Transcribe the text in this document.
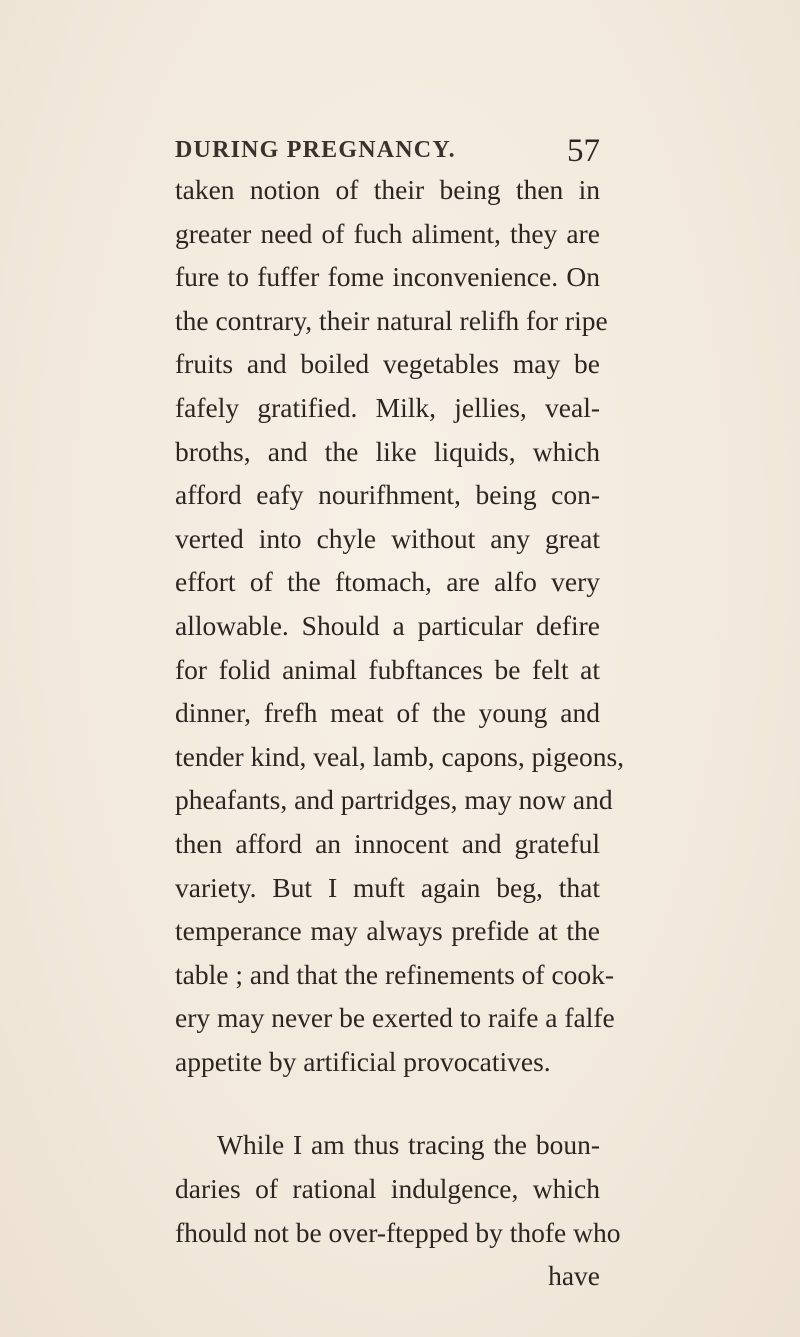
DURING PREGNANCY.	57
taken notion of their being then in
greater need of fuch aliment, they are
fure to fuffer fome inconvenience. On
the contrary, their natural relifh for ripe
fruits and boiled vegetables may be
fafely gratified. Milk, jellies, veal-
broths, and the like liquids, which
afford eafy nourifhment, being con-
verted into chyle without any great
effort of the ftomach, are alfo very
allowable. Should a particular defire
for folid animal fubftances be felt at
dinner, frefh meat of the young and
tender kind, veal, lamb, capons, pigeons,
pheafants, and partridges, may now and
then afford an innocent and grateful
variety. But I muft again beg, that
temperance may always prefide at the
table ; and that the refinements of cook-
ery may never be exerted to raife a falfe
appetite by artificial provocatives.
While I am thus tracing the boun-
daries of rational indulgence, which
fhould not be over-ftepped by thofe who
have
